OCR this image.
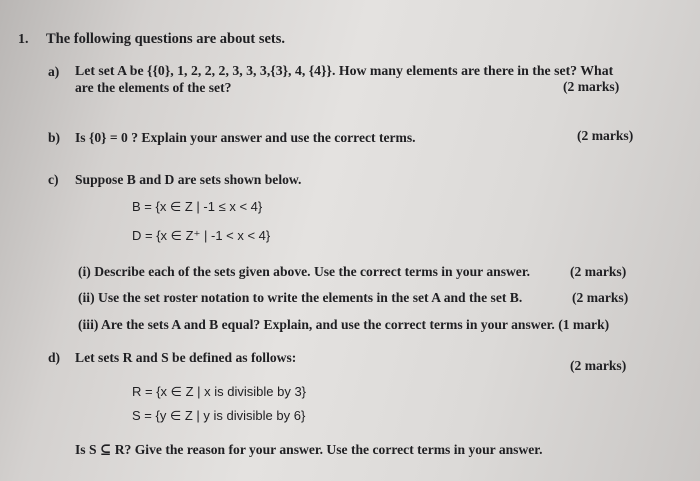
1. The following questions are about sets.
a) Let set A be {{0}, 1, 2, 2, 2, 3, 3, 3,{3}, 4, {4}}. How many elements are there in the set? What
are the elements of the set?	(2 marks)
b) Is {0} = 0 ? Explain your answer and use the correct terms.	(2 marks)
c) Suppose B and D are sets shown below.
B = {x ∈ Z | -1 ≤ x < 4}
D = {x ∈ Z⁺ | -1 < x < 4}
(i) Describe each of the sets given above. Use the correct terms in your answer.	(2 marks)
(ii) Use the set roster notation to write the elements in the set A and the set B.	(2 marks)
(iii) Are the sets A and B equal? Explain, and use the correct terms in your answer. (1 mark)
d) Let sets R and S be defined as follows:
(2 marks)
R = {x ∈ Z | x is divisible by 3}
S = {y ∈ Z | y is divisible by 6}
Is S ⊆ R? Give the reason for your answer. Use the correct terms in your answer.
